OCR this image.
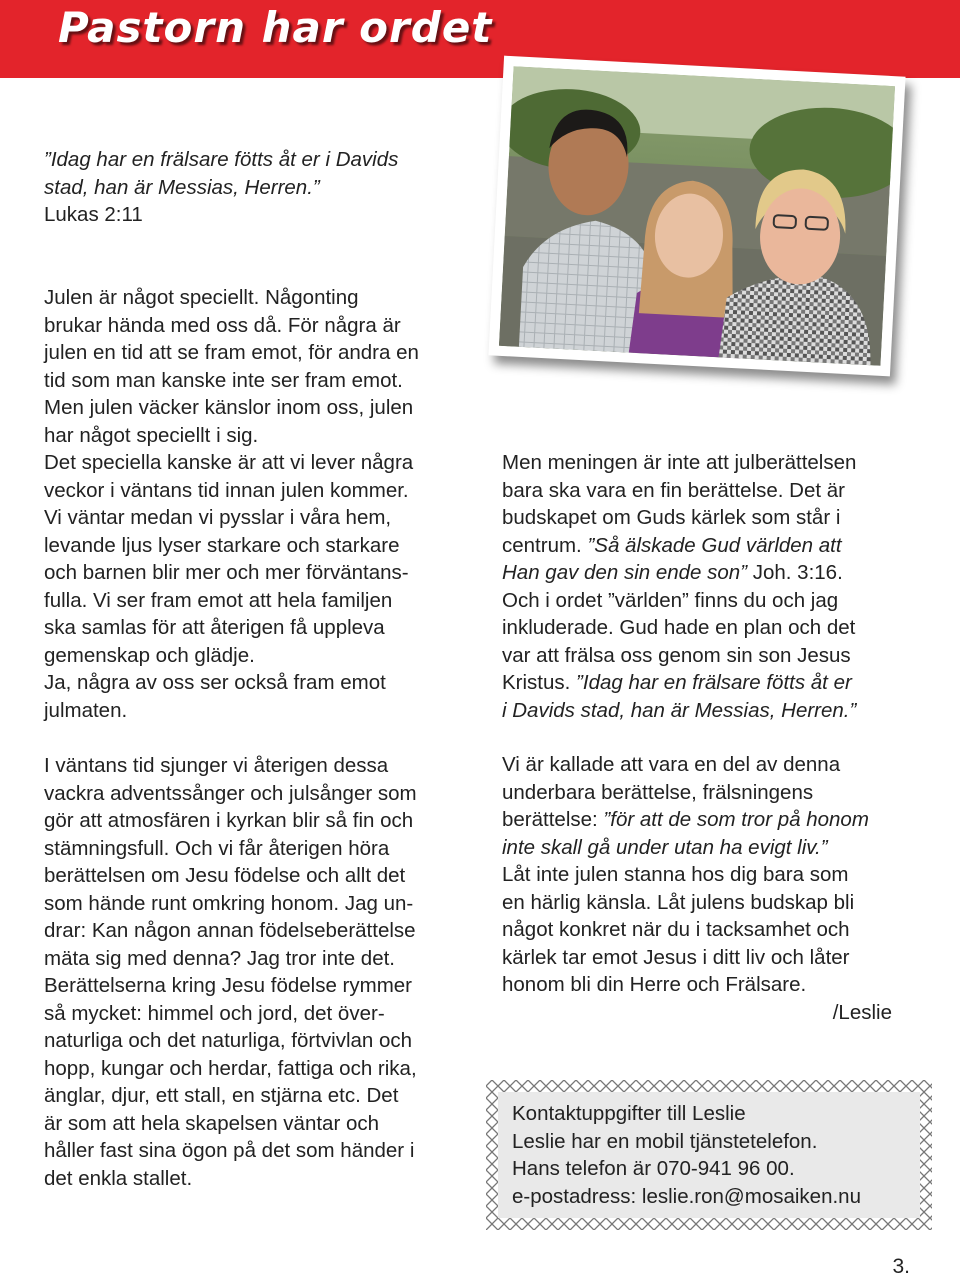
Pastorn har ordet

”Idag har en frälsare fötts åt er i Davids

stad, han är Messias, Herren.”

Lukas 2:11

Julen är något speciellt. Någonting

brukar hända med oss då. För några är

julen en tid att se fram emot, för andra en

tid som man kanske inte ser fram emot.

Men julen väcker känslor inom oss, julen

har något speciellt i sig.

Det speciella kanske är att vi lever några

veckor i väntans tid innan julen kommer.

Vi väntar medan vi pysslar i våra hem,

levande ljus lyser starkare och starkare

och barnen blir mer och mer förväntans-

fulla. Vi ser fram emot att hela familjen

ska samlas för att återigen få uppleva

gemenskap och glädje.

Ja, några av oss ser också fram emot

julmaten.

I väntans tid sjunger vi återigen dessa

vackra adventssånger och julsånger som

gör att atmosfären i kyrkan blir så fin och

stämningsfull. Och vi får återigen höra

berättelsen om Jesu födelse och allt det

som hände runt omkring honom. Jag un-

drar: Kan någon annan födelseberättelse

mäta sig med denna? Jag tror inte det.

Berättelserna kring Jesu födelse rymmer

så mycket: himmel och jord, det över-

naturliga och det naturliga, förtvivlan och

hopp, kungar och herdar, fattiga och rika,

änglar, djur, ett stall, en stjärna etc. Det

är som att hela skapelsen väntar och

håller fast sina ögon på det som händer i

det enkla stallet.

Men meningen är inte att julberättelsen

bara ska vara en fin berättelse. Det är

budskapet om Guds kärlek som står i

centrum. ”Så älskade Gud världen att

Han gav den sin ende son” Joh. 3:16.

Och i ordet ”världen” finns du och jag

inkluderade. Gud hade en plan och det

var att frälsa oss genom sin son Jesus

Kristus. ”Idag har en frälsare fötts åt er

i Davids stad, han är Messias, Herren.”

Vi är kallade att vara en del av denna

underbara berättelse, frälsningens

berättelse: ”för att de som tror på honom

inte skall gå under utan ha evigt liv.”

Låt inte julen stanna hos dig bara som

en härlig känsla. Låt julens budskap bli

något konkret när du i tacksamhet och

kärlek tar emot Jesus i ditt liv och låter

honom bli din Herre och Frälsare.

/Leslie

Kontaktuppgifter till Leslie
Leslie har en mobil tjänstetelefon.
Hans telefon är 070-941 96 00.
e-postadress: leslie.ron@mosaiken.nu
3.
